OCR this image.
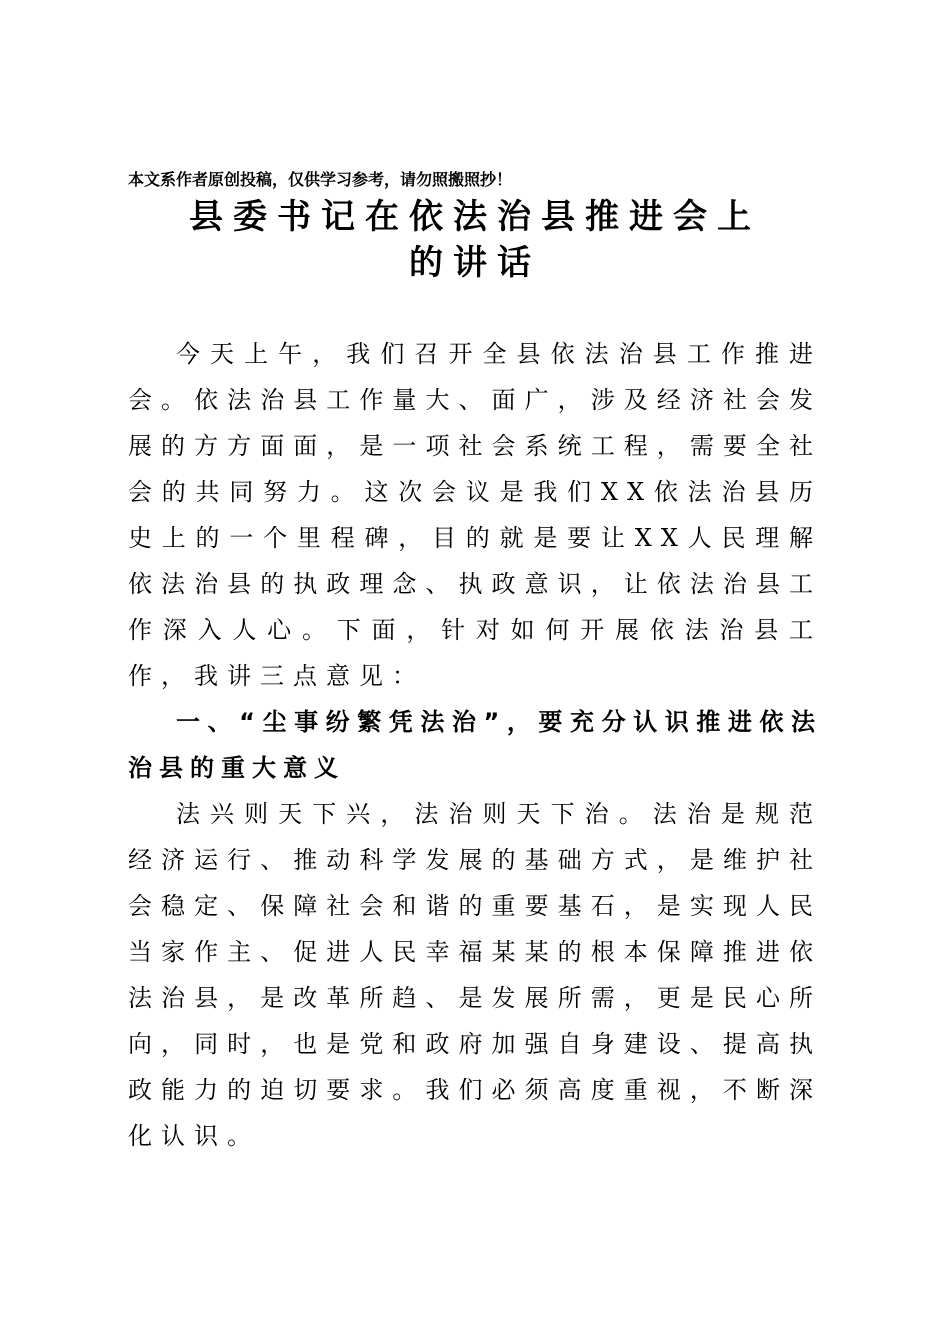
本文系作者原创投稿，仅供学习参考，请勿照搬照抄！
县委书记在依法治县推进会上
的讲话

今天上午，我们召开全县依法治县工作推进会。依法治县工作量大、面广，涉及经济社会发展的方方面面，是一项社会系统工程，需要全社会的共同努力。这次会议是我们XX依法治县历史上的一个里程碑，目的就是要让XX人民理解依法治县的执政理念、执政意识，让依法治县工作深入人心。下面，针对如何开展依法治县工作，我讲三点意见：

一、“尘事纷繁凭法治”，要充分认识推进依法治县的重大意义

法兴则天下兴，法治则天下治。法治是规范经济运行、推动科学发展的基础方式，是维护社会稳定、保障社会和谐的重要基石，是实现人民当家作主、促进人民幸福某某的根本保障推进依法治县，是改革所趋、是发展所需，更是民心所向，同时，也是党和政府加强自身建设、提高执政能力的迫切要求。我们必须高度重视，不断深化认识。
